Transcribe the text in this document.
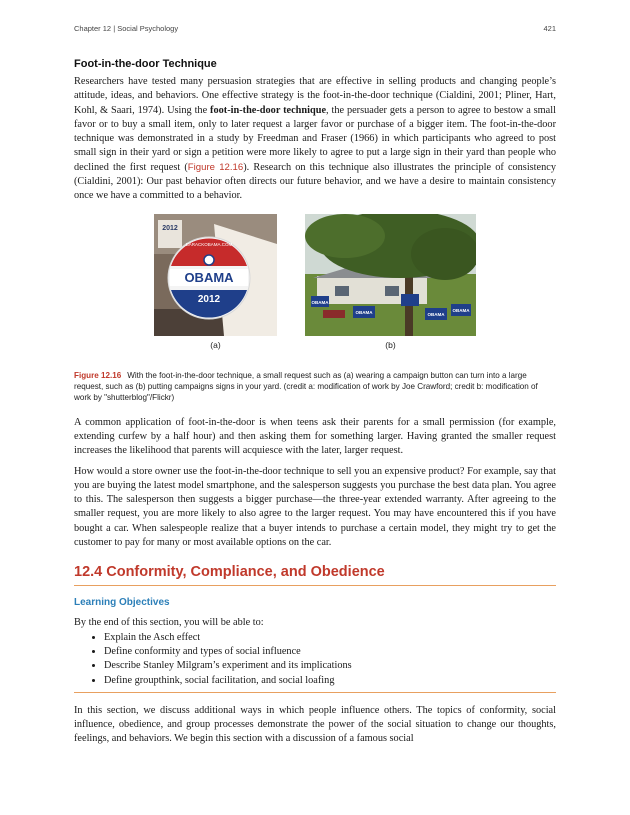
Chapter 12 | Social Psychology	421
Foot-in-the-door Technique

Researchers have tested many persuasion strategies that are effective in selling products and changing people’s attitude, ideas, and behaviors. One effective strategy is the foot-in-the-door technique (Cialdini, 2001; Pliner, Hart, Kohl, & Saari, 1974). Using the foot-in-the-door technique, the persuader gets a person to agree to bestow a small favor or to buy a small item, only to later request a larger favor or purchase of a bigger item. The foot-in-the-door technique was demonstrated in a study by Freedman and Fraser (1966) in which participants who agreed to post small sign in their yard or sign a petition were more likely to agree to put a large sign in their yard than people who declined the first request (Figure 12.16). Research on this technique also illustrates the principle of consistency (Cialdini, 2001): Our past behavior often directs our future behavior, and we have a desire to maintain consistency once we have a committed to a behavior.

2012
OBAMA
2012
BARACKOBAMA.COM
OBAMA
OBAMA	OBAMA
OBAMA
(a)	(b)

Figure 12.16 With the foot-in-the-door technique, a small request such as (a) wearing a campaign button can turn into a large request, such as (b) putting campaigns signs in your yard. (credit a: modification of work by Joe Crawford; credit b: modification of work by "shutterblog"/Flickr)

A common application of foot-in-the-door is when teens ask their parents for a small permission (for example, extending curfew by a half hour) and then asking them for something larger. Having granted the smaller request increases the likelihood that parents will acquiesce with the later, larger request.

How would a store owner use the foot-in-the-door technique to sell you an expensive product? For example, say that you are buying the latest model smartphone, and the salesperson suggests you purchase the best data plan. You agree to this. The salesperson then suggests a bigger purchase—the three-year extended warranty. After agreeing to the smaller request, you are more likely to also agree to the larger request. You may have encountered this if you have bought a car. When salespeople realize that a buyer intends to purchase a certain model, they might try to get the customer to pay for many or most available options on the car.

12.4 Conformity, Compliance, and Obedience
Learning Objectives

By the end of this section, you will be able to:

• Explain the Asch effect
• Define conformity and types of social influence
• Describe Stanley Milgram’s experiment and its implications
• Define groupthink, social facilitation, and social loafing

In this section, we discuss additional ways in which people influence others. The topics of conformity, social influence, obedience, and group processes demonstrate the power of the social situation to change our thoughts, feelings, and behaviors. We begin this section with a discussion of a famous social
